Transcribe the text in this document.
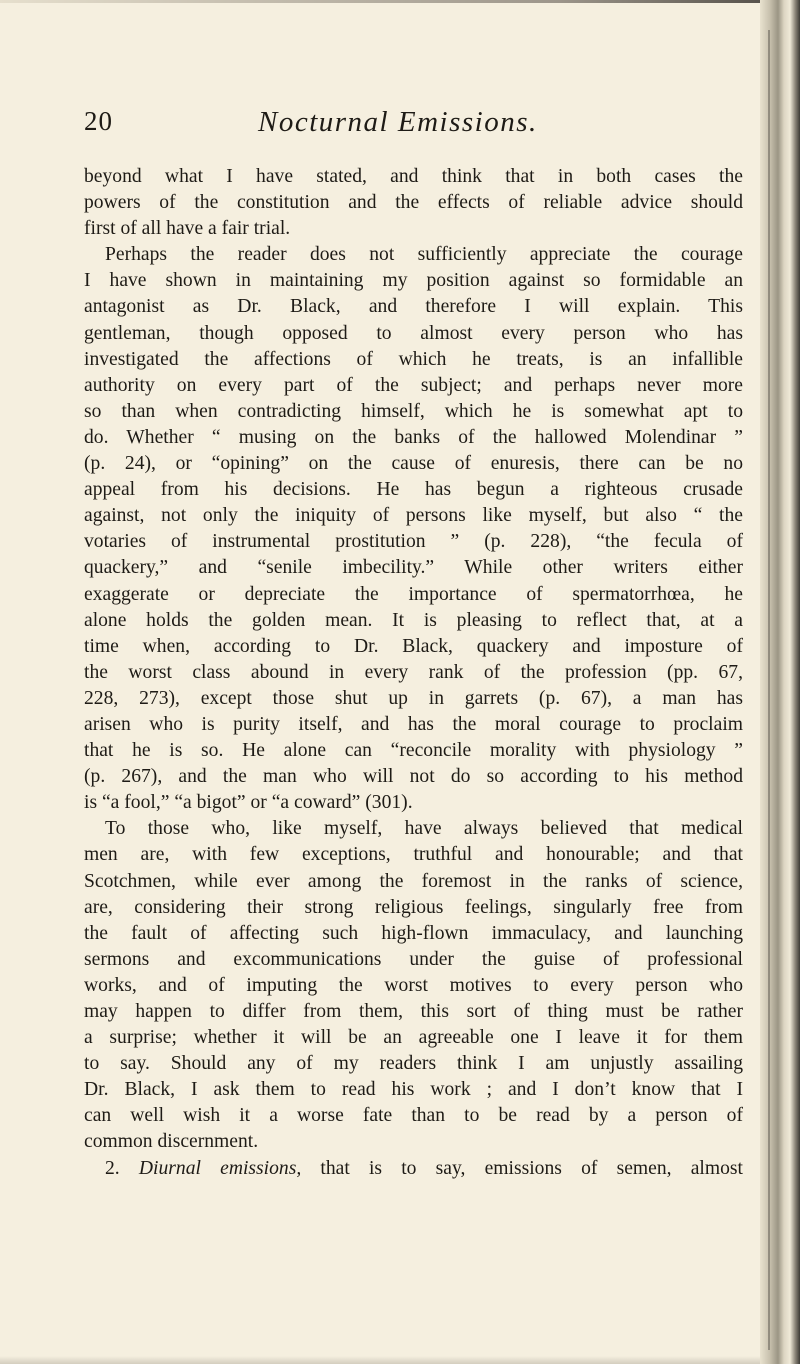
20	Nocturnal Emissions.
beyond what I have stated, and think that in both cases the
powers of the constitution and the effects of reliable advice should
first of all have a fair trial.
Perhaps the reader does not sufficiently appreciate the courage
I have shown in maintaining my position against so formidable an
antagonist as Dr. Black, and therefore I will explain. This
gentleman, though opposed to almost every person who has
investigated the affections of which he treats, is an infallible
authority on every part of the subject; and perhaps never more
so than when contradicting himself, which he is somewhat apt to
do. Whether “ musing on the banks of the hallowed Molendinar ”
(p. 24), or “opining” on the cause of enuresis, there can be no
appeal from his decisions. He has begun a righteous crusade
against, not only the iniquity of persons like myself, but also “ the
votaries of instrumental prostitution ” (p. 228), “the fecula of
quackery,” and “senile imbecility.” While other writers either
exaggerate or depreciate the importance of spermatorrhœa, he
alone holds the golden mean. It is pleasing to reflect that, at a
time when, according to Dr. Black, quackery and imposture of
the worst class abound in every rank of the profession (pp. 67,
228, 273), except those shut up in garrets (p. 67), a man has
arisen who is purity itself, and has the moral courage to proclaim
that he is so. He alone can “reconcile morality with physiology ”
(p. 267), and the man who will not do so according to his method
is “a fool,” “a bigot” or “a coward” (301).
To those who, like myself, have always believed that medical
men are, with few exceptions, truthful and honourable; and that
Scotchmen, while ever among the foremost in the ranks of science,
are, considering their strong religious feelings, singularly free from
the fault of affecting such high-flown immaculacy, and launching
sermons and excommunications under the guise of professional
works, and of imputing the worst motives to every person who
may happen to differ from them, this sort of thing must be rather
a surprise; whether it will be an agreeable one I leave it for them
to say. Should any of my readers think I am unjustly assailing
Dr. Black, I ask them to read his work ; and I don’t know that I
can well wish it a worse fate than to be read by a person of
common discernment.
2. Diurnal emissions, that is to say, emissions of semen, almost
